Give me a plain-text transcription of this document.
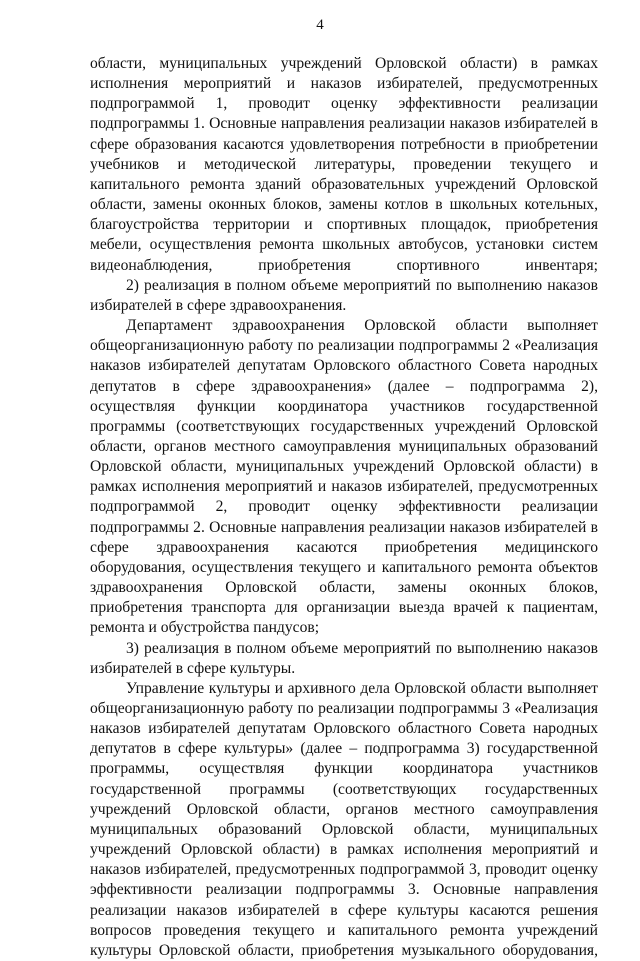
4

области, муниципальных учреждений Орловской области) в рамках исполнения мероприятий и наказов избирателей, предусмотренных подпрограммой 1, проводит оценку эффективности реализации подпрограммы 1. Основные направления реализации наказов избирателей в сфере образования касаются удовлетворения потребности в приобретении учебников и методической литературы, проведении текущего и капитального ремонта зданий образовательных учреждений Орловской области, замены оконных блоков, замены котлов в школьных котельных, благоустройства территории и спортивных площадок, приобретения мебели, осуществления ремонта школьных автобусов, установки систем видеонаблюдения, приобретения спортивного инвентаря;

2) реализация в полном объеме мероприятий по выполнению наказов избирателей в сфере здравоохранения.

Департамент здравоохранения Орловской области выполняет общеорганизационную работу по реализации подпрограммы 2 «Реализация наказов избирателей депутатам Орловского областного Совета народных депутатов в сфере здравоохранения» (далее – подпрограмма 2), осуществляя функции координатора участников государственной программы (соответствующих государственных учреждений Орловской области, органов местного самоуправления муниципальных образований Орловской области, муниципальных учреждений Орловской области) в рамках исполнения мероприятий и наказов избирателей, предусмотренных подпрограммой 2, проводит оценку эффективности реализации подпрограммы 2. Основные направления реализации наказов избирателей в сфере здравоохранения касаются приобретения медицинского оборудования, осуществления текущего и капитального ремонта объектов здравоохранения Орловской области, замены оконных блоков, приобретения транспорта для организации выезда врачей к пациентам, ремонта и обустройства пандусов;

3) реализация в полном объеме мероприятий по выполнению наказов избирателей в сфере культуры.

Управление культуры и архивного дела Орловской области выполняет общеорганизационную работу по реализации подпрограммы 3 «Реализация наказов избирателей депутатам Орловского областного Совета народных депутатов в сфере культуры» (далее – подпрограмма 3) государственной программы, осуществляя функции координатора участников государственной программы (соответствующих государственных учреждений Орловской области, органов местного самоуправления муниципальных образований Орловской области, муниципальных учреждений Орловской области) в рамках исполнения мероприятий и наказов избирателей, предусмотренных подпрограммой 3, проводит оценку эффективности реализации подпрограммы 3. Основные направления реализации наказов избирателей в сфере культуры касаются решения вопросов проведения текущего и капитального ремонта учреждений культуры Орловской области, приобретения музыкального оборудования,
